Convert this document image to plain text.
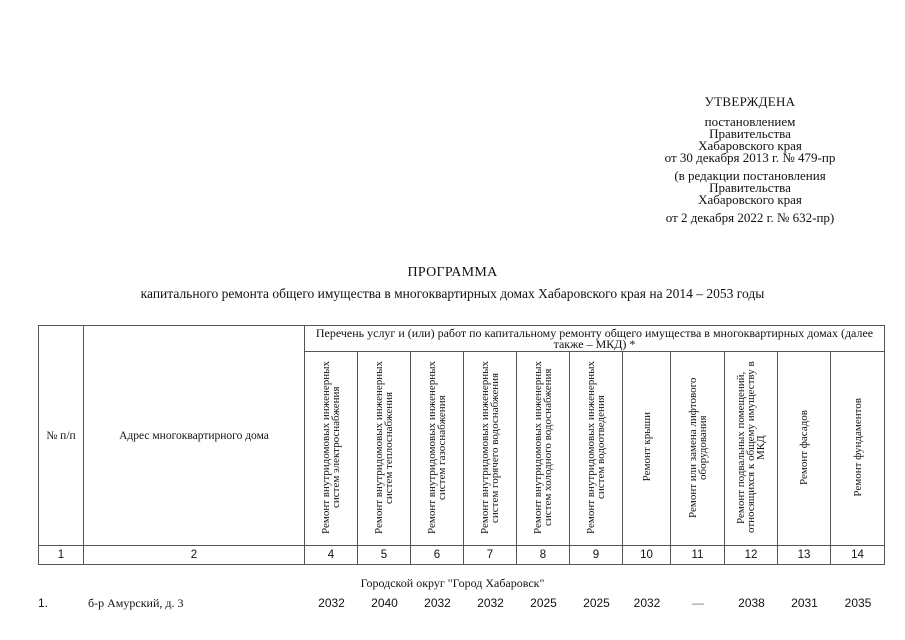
УТВЕРЖДЕНА
постановлением
Правительства
Хабаровского края
от 30 декабря 2013 г. № 479-пр
(в редакции постановления
Правительства
Хабаровского края
от 2 декабря 2022 г. № 632-пр)
ПРОГРАММА
капитального ремонта общего имущества в многоквартирных домах Хабаровского края на 2014 – 2053 годы
№ п/п	Адрес многоквартирного дома	Перечень услуг и (или) работ по капитальному ремонту общего имущества в многоквартирных домах (далее также – МКД) *										
		Ремонт внутридомовых инженерных систем электроснабжения	Ремонт внутридомовых инженерных систем теплоснабжения	Ремонт внутридомовых инженерных систем газоснабжения	Ремонт внутридомовых инженерных систем горячего водоснабжения	Ремонт внутридомовых инженерных систем холодного водоснабжения	Ремонт внутридомовых инженерных систем водоотведения	Ремонт крыши	Ремонт или замена лифтового оборудования	Ремонт подвальных помещений, относящихся к общему имуществу в МКД	Ремонт фасадов	Ремонт фундаментов
1	2	4	5	6	7	8	9	10	11	12	13	14
Городской округ "Город Хабаровск"
1.	б-р Амурский, д. 3	2032	2040	2032	2032	2025	2025	2032	—	2038	2031	2035
